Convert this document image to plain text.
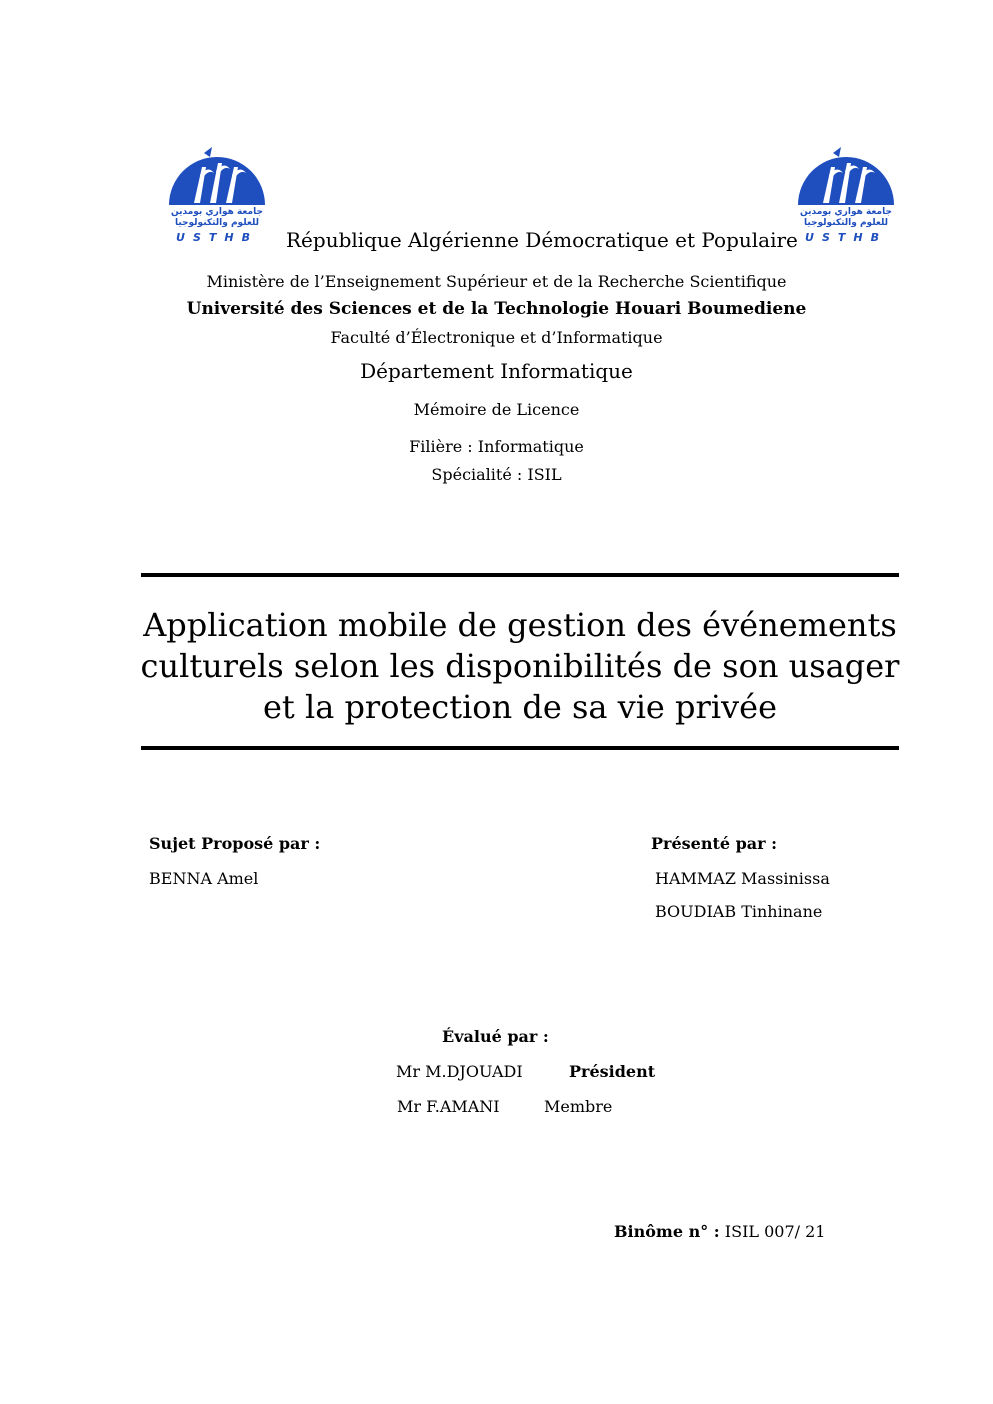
جامعة هواري بومدين
للعلوم والتكنولوجيا
USTHB
جامعة هواري بومدين
للعلوم والتكنولوجيا
USTHB
République Algérienne Démocratique et Populaire
Ministère de l’Enseignement Supérieur et de la Recherche Scientifique
Université des Sciences et de la Technologie Houari Boumediene
Faculté d’Électronique et d’Informatique
Département Informatique
Mémoire de Licence
Filière : Informatique
Spécialité : ISIL
Application mobile de gestion des événements
culturels selon les disponibilités de son usager
et la protection de sa vie privée
Sujet Proposé par :
BENNA Amel
Présenté par :
HAMMAZ Massinissa
BOUDIAB Tinhinane
Évalué par :
Mr M.DJOUADI	Président
Mr F.AMANI	Membre
Binôme n° : ISIL 007/ 21
